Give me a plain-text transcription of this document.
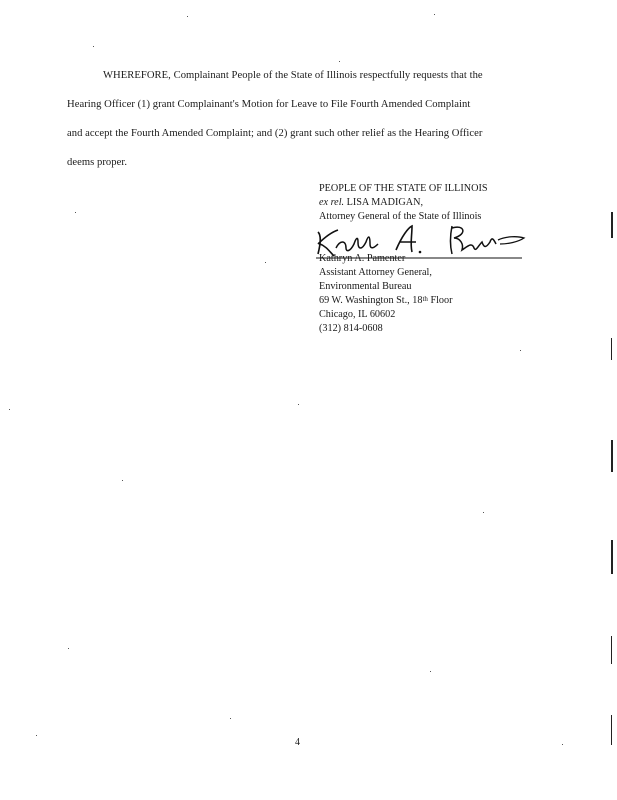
WHEREFORE, Complainant People of the State of Illinois respectfully requests that the
Hearing Officer (1) grant Complainant's Motion for Leave to File Fourth Amended Complaint
and accept the Fourth Amended Complaint; and (2) grant such other relief as the Hearing Officer
deems proper.
PEOPLE OF THE STATE OF ILLINOIS
ex rel. LISA MADIGAN,
Attorney General of the State of Illinois
Kathryn A. Pamenter
Assistant Attorney General,
Environmental Bureau
69 W. Washington St., 18th Floor
Chicago, IL 60602
(312) 814-0608
4
